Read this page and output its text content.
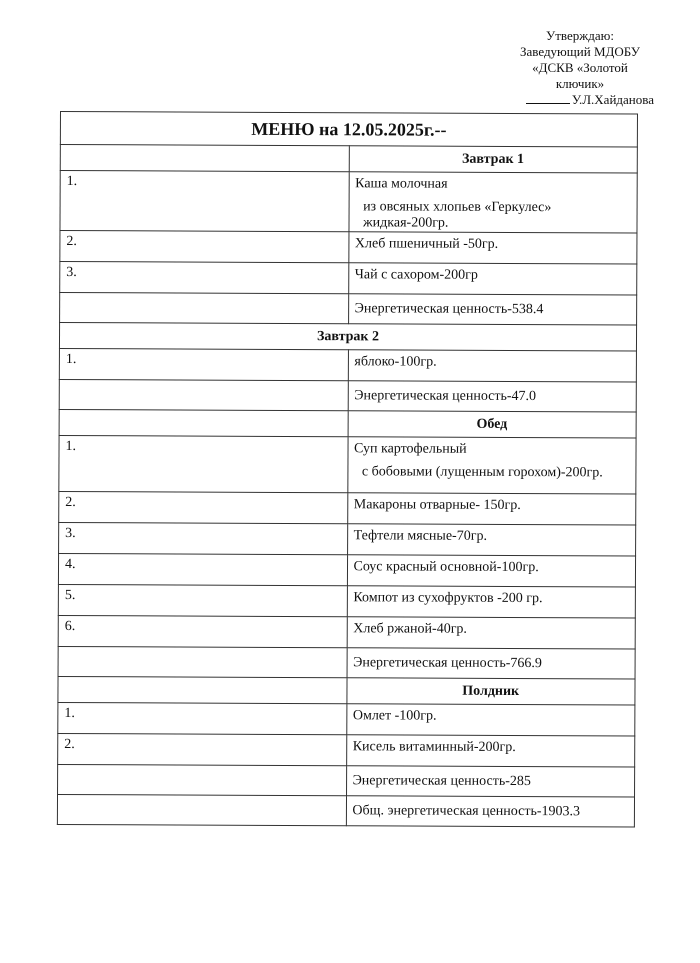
Утверждаю:
Заведующий МДОБУ
«ДСКВ «Золотой
ключик»
У.Л.Хайданова
МЕНЮ на 12.05.2025г.--	
	Завтрак 1
1.	Каша молочная
из овсяных хлопьев «Геркулес» жидкая-200гр.

2.	Хлеб пшеничный -50гр.
3.	Чай с сахором-200гр
	Энергетическая ценность-538.4
Завтрак 2	
1.	яблоко-100гр.
	Энергетическая ценность-47.0
	Обед
1.	Суп картофельный
с бобовыми (лущенным горохом)-200гр.

2.	Макароны отварные- 150гр.
3.	Тефтели мясные-70гр.
4.	Соус красный основной-100гр.
5.	Компот из сухофруктов -200 гр.
6.	Хлеб ржаной-40гр.
	Энергетическая ценность-766.9
	Полдник
1.	Омлет -100гр.
2.	Кисель витаминный-200гр.
	Энергетическая ценность-285
	Общ. энергетическая ценность-1903.3
